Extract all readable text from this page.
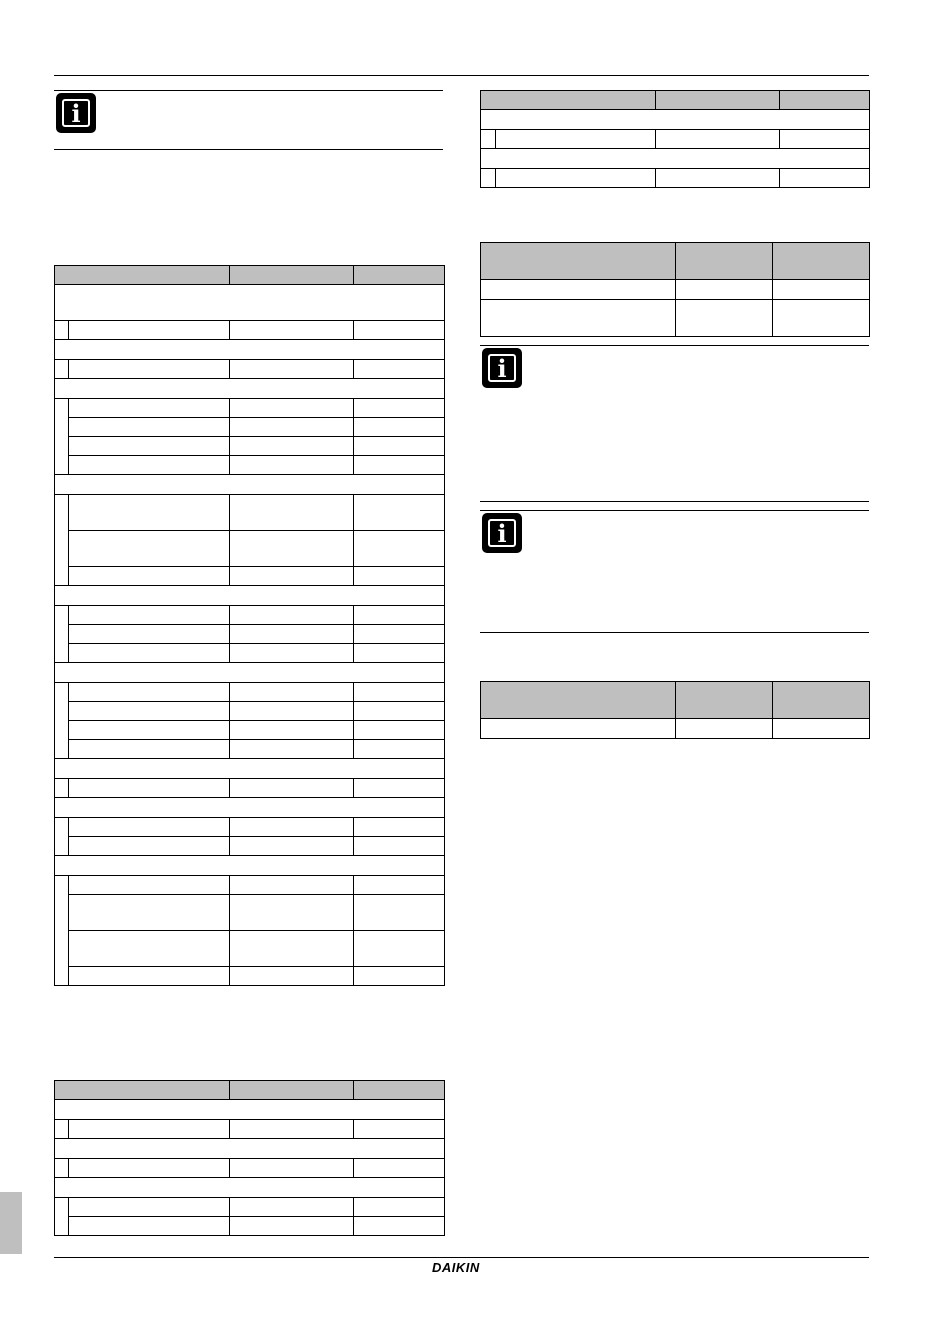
i

i
i

DAIKIN
